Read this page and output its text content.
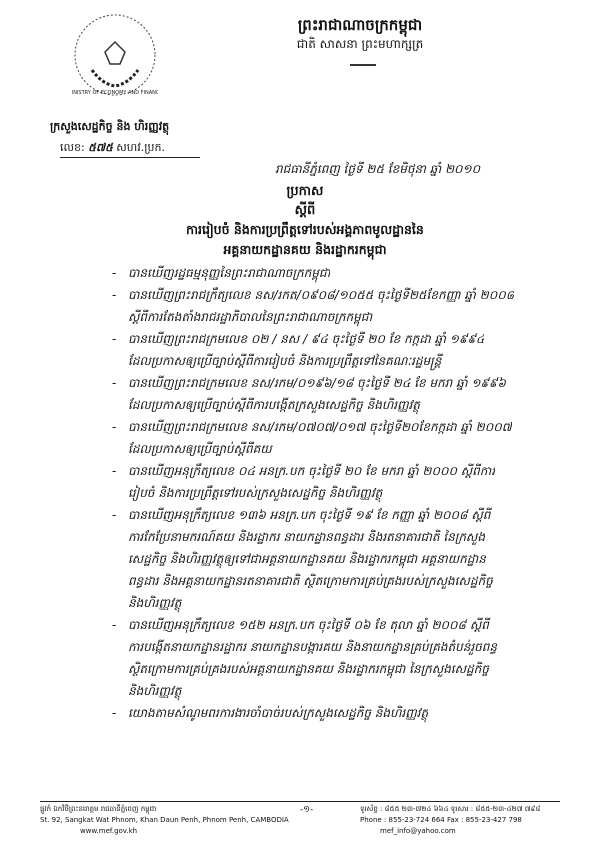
MINISTRY OF ECONOMY AND FINANCE
ព្រះរាជាណាចក្រកម្ពុជា
ជាតិ សាសនា ព្រះមហាក្សត្រ
ក្រសួងសេដ្ឋកិច្ច និង ហិរញ្ញវត្ថុ
លេខ: ៥៧៥ សហវ.ប្រក.
រាជធានីភ្នំពេញ ថ្ងៃទី ២៥ ខែមិថុនា ឆ្នាំ ២០១០
ប្រកាស
ស្តីពី
ការរៀបចំ និងការប្រព្រឹត្តទៅរបស់អង្គភាពមូលដ្ឋាននៃ
អគ្គនាយកដ្ឋានគយ និងរដ្ឋាករកម្ពុជា
- បានឃើញរដ្ឋធម្មនុញ្ញនៃព្រះរាជាណាចក្រកម្ពុជា
- បានឃើញព្រះរាជក្រឹត្យលេខ នស/រកត/០៩០៨/១០៥៥ ចុះថ្ងៃទី២៥ខែកញ្ញា ឆ្នាំ ២០០៨
ស្តីពីការតែងតាំងរាជរដ្ឋាភិបាលនៃព្រះរាជាណាចក្រកម្ពុជា
- បានឃើញព្រះរាជក្រមលេខ ០២ / នស / ៩៤ ចុះថ្ងៃទី ២០ ខែ កក្កដា ឆ្នាំ ១៩៩៤
ដែលប្រកាសឲ្យប្រើច្បាប់ស្តីពីការរៀបចំ និងការប្រព្រឹត្តទៅនៃគណៈរដ្ឋមន្ត្រី
- បានឃើញព្រះរាជក្រមលេខ នស/រកម/០១៩៦/១៨ ចុះថ្ងៃទី ២៤ ខែ មករា ឆ្នាំ ១៩៩៦
ដែលប្រកាសឲ្យប្រើច្បាប់ស្តីពីការបង្កើតក្រសួងសេដ្ឋកិច្ច និងហិរញ្ញវត្ថុ
- បានឃើញព្រះរាជក្រមលេខ នស/រកម/០៧០៧/០១៧ ចុះថ្ងៃទី២០ខែកក្កដា ឆ្នាំ ២០០៧
ដែលប្រកាសឲ្យប្រើច្បាប់ស្តីពីគយ
- បានឃើញអនុក្រឹត្យលេខ ០៤ អនក្រ.បក ចុះថ្ងៃទី ២០ ខែ មករា ឆ្នាំ ២០០០ ស្តីពីការ
រៀបចំ និងការប្រព្រឹត្តទៅរបស់ក្រសួងសេដ្ឋកិច្ច និងហិរញ្ញវត្ថុ
- បានឃើញអនុក្រឹត្យលេខ ១៣៦ អនក្រ.បក ចុះថ្ងៃទី ១៩ ខែ កញ្ញា ឆ្នាំ ២០០៨ ស្តីពី
ការកែប្រែនាមករណ៍គយ និងរដ្ឋាករ នាយកដ្ឋានពន្ធដារ និងរតនាគារជាតិ នៃក្រសួង
សេដ្ឋកិច្ច និងហិរញ្ញវត្ថុឲ្យទៅជាអគ្គនាយកដ្ឋានគយ និងរដ្ឋាករកម្ពុជា អគ្គនាយកដ្ឋាន
ពន្ធដារ និងអគ្គនាយកដ្ឋានរតនាគារជាតិ ស្ថិតក្រោមការគ្រប់គ្រងរបស់ក្រសួងសេដ្ឋកិច្ច
និងហិរញ្ញវត្ថុ
- បានឃើញអនុក្រឹត្យលេខ ១៥២ អនក្រ.បក ចុះថ្ងៃទី ០៦ ខែ តុលា ឆ្នាំ ២០០៨ ស្តីពី
ការបង្កើតនាយកដ្ឋានរដ្ឋាករ នាយកដ្ឋានបង្ការគយ និងនាយកដ្ឋានគ្រប់គ្រងតំបន់រួចពន្ធ
ស្ថិតក្រោមការគ្រប់គ្រងរបស់អគ្គនាយកដ្ឋានគយ និងរដ្ឋាករកម្ពុជា នៃក្រសួងសេដ្ឋកិច្ច
និងហិរញ្ញវត្ថុ
- យោងតាមសំណូមពរការងារចាំបាច់របស់ក្រសួងសេដ្ឋកិច្ច និងហិរញ្ញវត្ថុ
ផ្លូវកំ ឯកវិថីព្រះនរោត្តម រាជធានីភ្នំពេញ កម្ពុជា
St. 92, Sangkat Wat Phnom, Khan Daun Penh, Phnom Penh, CAMBODIA
www.mef.gov.kh
-១-	ទូរស័ព្ទ : ៨៥៥ ២៣-៧២៤ ៦៦៤ ទូរសារ : ៨៥៥-២៣-៤២៧ ៧៩៨
Phone : 855-23-724 664 Fax : 855-23-427 798
mef_info@yahoo.com
